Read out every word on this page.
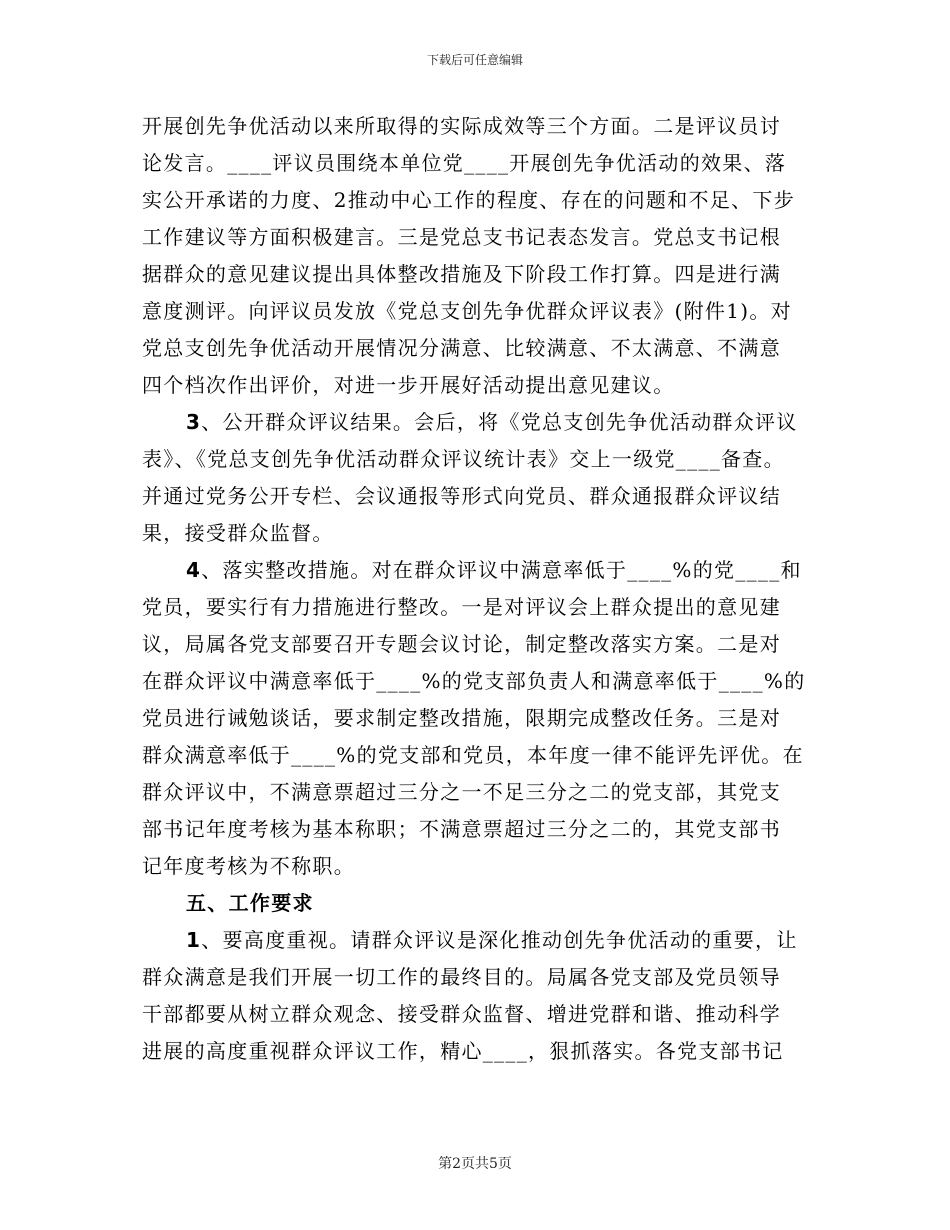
下载后可任意编辑
开展创先争优活动以来所取得的实际成效等三个方面。二是评议员讨
论发言。____评议员围绕本单位党____开展创先争优活动的效果、落
实公开承诺的力度、2推动中心工作的程度、存在的问题和不足、下步
工作建议等方面积极建言。三是党总支书记表态发言。党总支书记根
据群众的意见建议提出具体整改措施及下阶段工作打算。四是进行满
意度测评。向评议员发放《党总支创先争优群众评议表》(附件1)。对
党总支创先争优活动开展情况分满意、比较满意、不太满意、不满意
四个档次作出评价，对进一步开展好活动提出意见建议。
3、公开群众评议结果。会后，将《党总支创先争优活动群众评议
表》、《党总支创先争优活动群众评议统计表》交上一级党____备查。
并通过党务公开专栏、会议通报等形式向党员、群众通报群众评议结
果，接受群众监督。
4、落实整改措施。对在群众评议中满意率低于____%的党____和
党员，要实行有力措施进行整改。一是对评议会上群众提出的意见建
议，局属各党支部要召开专题会议讨论，制定整改落实方案。二是对
在群众评议中满意率低于____%的党支部负责人和满意率低于____%的
党员进行诫勉谈话，要求制定整改措施，限期完成整改任务。三是对
群众满意率低于____%的党支部和党员，本年度一律不能评先评优。在
群众评议中，不满意票超过三分之一不足三分之二的党支部，其党支
部书记年度考核为基本称职；不满意票超过三分之二的，其党支部书
记年度考核为不称职。
五、工作要求
1、要高度重视。请群众评议是深化推动创先争优活动的重要，让
群众满意是我们开展一切工作的最终目的。局属各党支部及党员领导
干部都要从树立群众观念、接受群众监督、增进党群和谐、推动科学
进展的高度重视群众评议工作，精心____，狠抓落实。各党支部书记
第2页共5页
